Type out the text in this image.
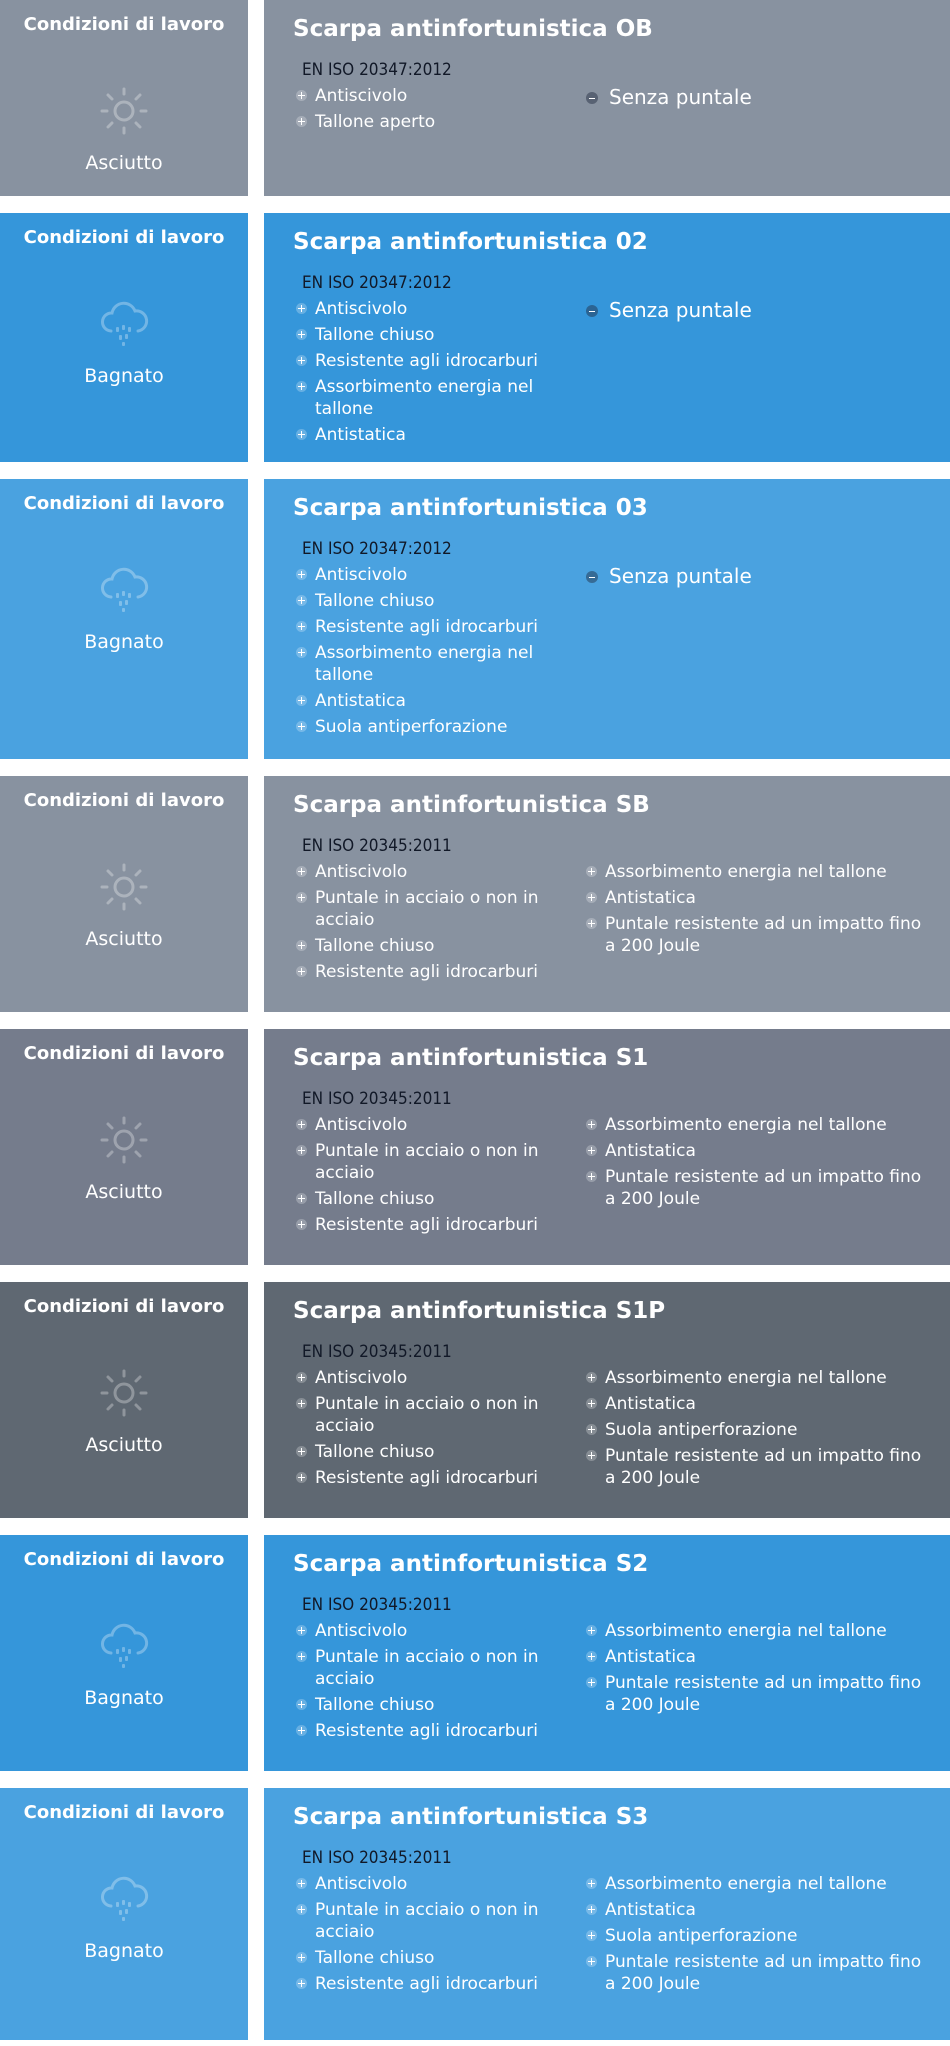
Condizioni di lavoro
Asciutto
Scarpa antinfortunistica OB
EN ISO 20347:2012
Antiscivolo
Tallone aperto
Senza puntale
Condizioni di lavoro
Bagnato
Scarpa antinfortunistica 02
EN ISO 20347:2012
Antiscivolo
Tallone chiuso
Resistente agli idrocarburi
Assorbimento energia nel tallone
Antistatica
Senza puntale
Condizioni di lavoro
Bagnato
Scarpa antinfortunistica 03
EN ISO 20347:2012
Antiscivolo
Tallone chiuso
Resistente agli idrocarburi
Assorbimento energia nel tallone
Antistatica
Suola antiperforazione
Senza puntale
Condizioni di lavoro
Asciutto
Scarpa antinfortunistica SB
EN ISO 20345:2011
Antiscivolo
Puntale in acciaio o non in acciaio
Tallone chiuso
Resistente agli idrocarburi
Assorbimento energia nel tallone
Antistatica
Puntale resistente ad un impatto fino a 200 Joule
Condizioni di lavoro
Asciutto
Scarpa antinfortunistica S1
EN ISO 20345:2011
Antiscivolo
Puntale in acciaio o non in acciaio
Tallone chiuso
Resistente agli idrocarburi
Assorbimento energia nel tallone
Antistatica
Puntale resistente ad un impatto fino a 200 Joule
Condizioni di lavoro
Asciutto
Scarpa antinfortunistica S1P
EN ISO 20345:2011
Antiscivolo
Puntale in acciaio o non in acciaio
Tallone chiuso
Resistente agli idrocarburi
Assorbimento energia nel tallone
Antistatica
Suola antiperforazione
Puntale resistente ad un impatto fino a 200 Joule
Condizioni di lavoro
Bagnato
Scarpa antinfortunistica S2
EN ISO 20345:2011
Antiscivolo
Puntale in acciaio o non in acciaio
Tallone chiuso
Resistente agli idrocarburi
Assorbimento energia nel tallone
Antistatica
Puntale resistente ad un impatto fino a 200 Joule
Condizioni di lavoro
Bagnato
Scarpa antinfortunistica S3
EN ISO 20345:2011
Antiscivolo
Puntale in acciaio o non in acciaio
Tallone chiuso
Resistente agli idrocarburi
Assorbimento energia nel tallone
Antistatica
Suola antiperforazione
Puntale resistente ad un impatto fino a 200 Joule
